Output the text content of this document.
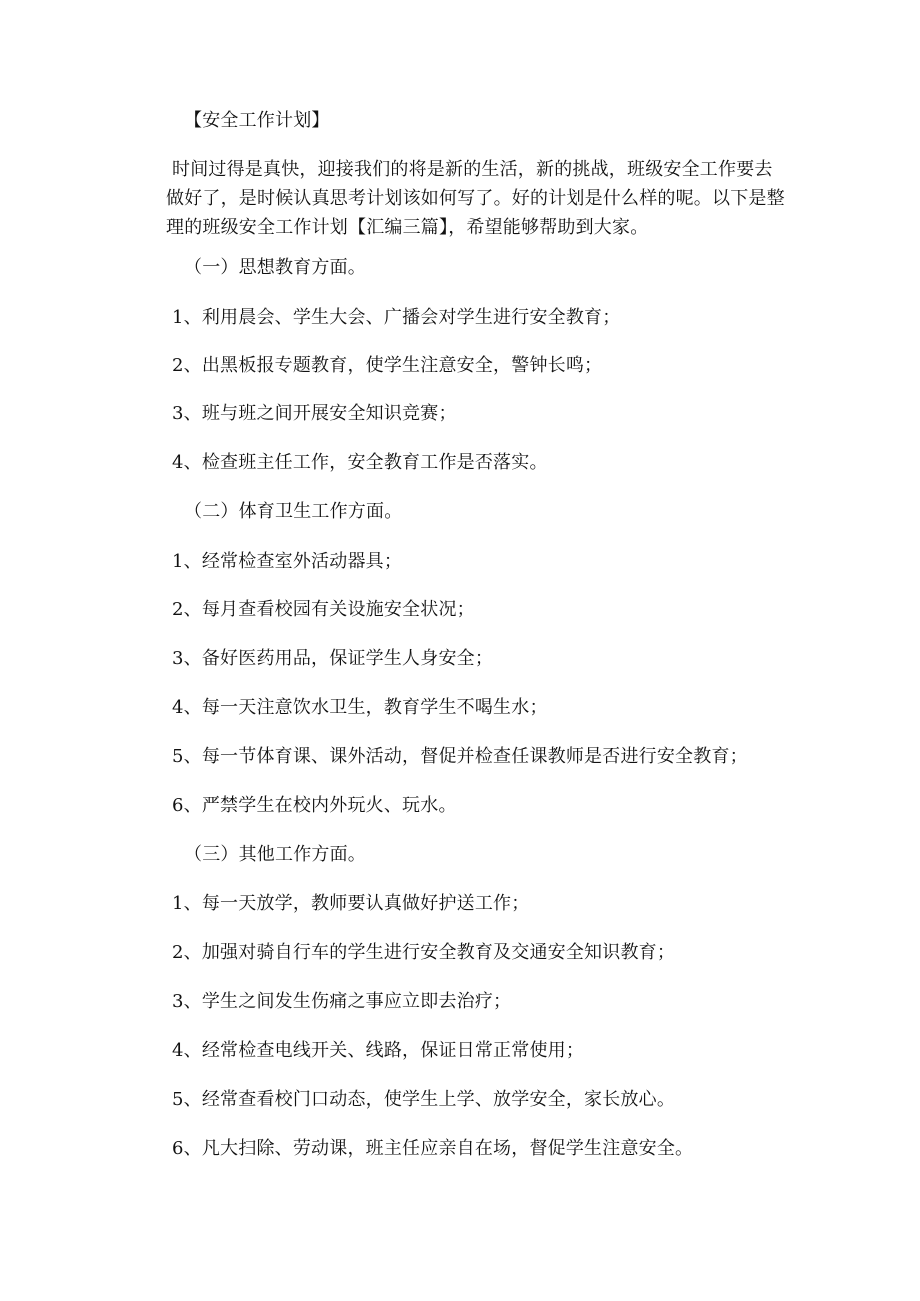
【安全工作计划】
时间过得是真快，迎接我们的将是新的生活，新的挑战，班级安全工作要去做好了，是时候认真思考计划该如何写了。好的计划是什么样的呢。以下是整理的班级安全工作计划【汇编三篇】，希望能够帮助到大家。
（一）思想教育方面。
1、利用晨会、学生大会、广播会对学生进行安全教育；
2、出黑板报专题教育，使学生注意安全，警钟长鸣；
3、班与班之间开展安全知识竞赛；
4、检查班主任工作，安全教育工作是否落实。
（二）体育卫生工作方面。
1、经常检查室外活动器具；
2、每月查看校园有关设施安全状况；
3、备好医药用品，保证学生人身安全；
4、每一天注意饮水卫生，教育学生不喝生水；
5、每一节体育课、课外活动，督促并检查任课教师是否进行安全教育；
6、严禁学生在校内外玩火、玩水。
（三）其他工作方面。
1、每一天放学，教师要认真做好护送工作；
2、加强对骑自行车的学生进行安全教育及交通安全知识教育；
3、学生之间发生伤痛之事应立即去治疗；
4、经常检查电线开关、线路，保证日常正常使用；
5、经常查看校门口动态，使学生上学、放学安全，家长放心。
6、凡大扫除、劳动课，班主任应亲自在场，督促学生注意安全。
